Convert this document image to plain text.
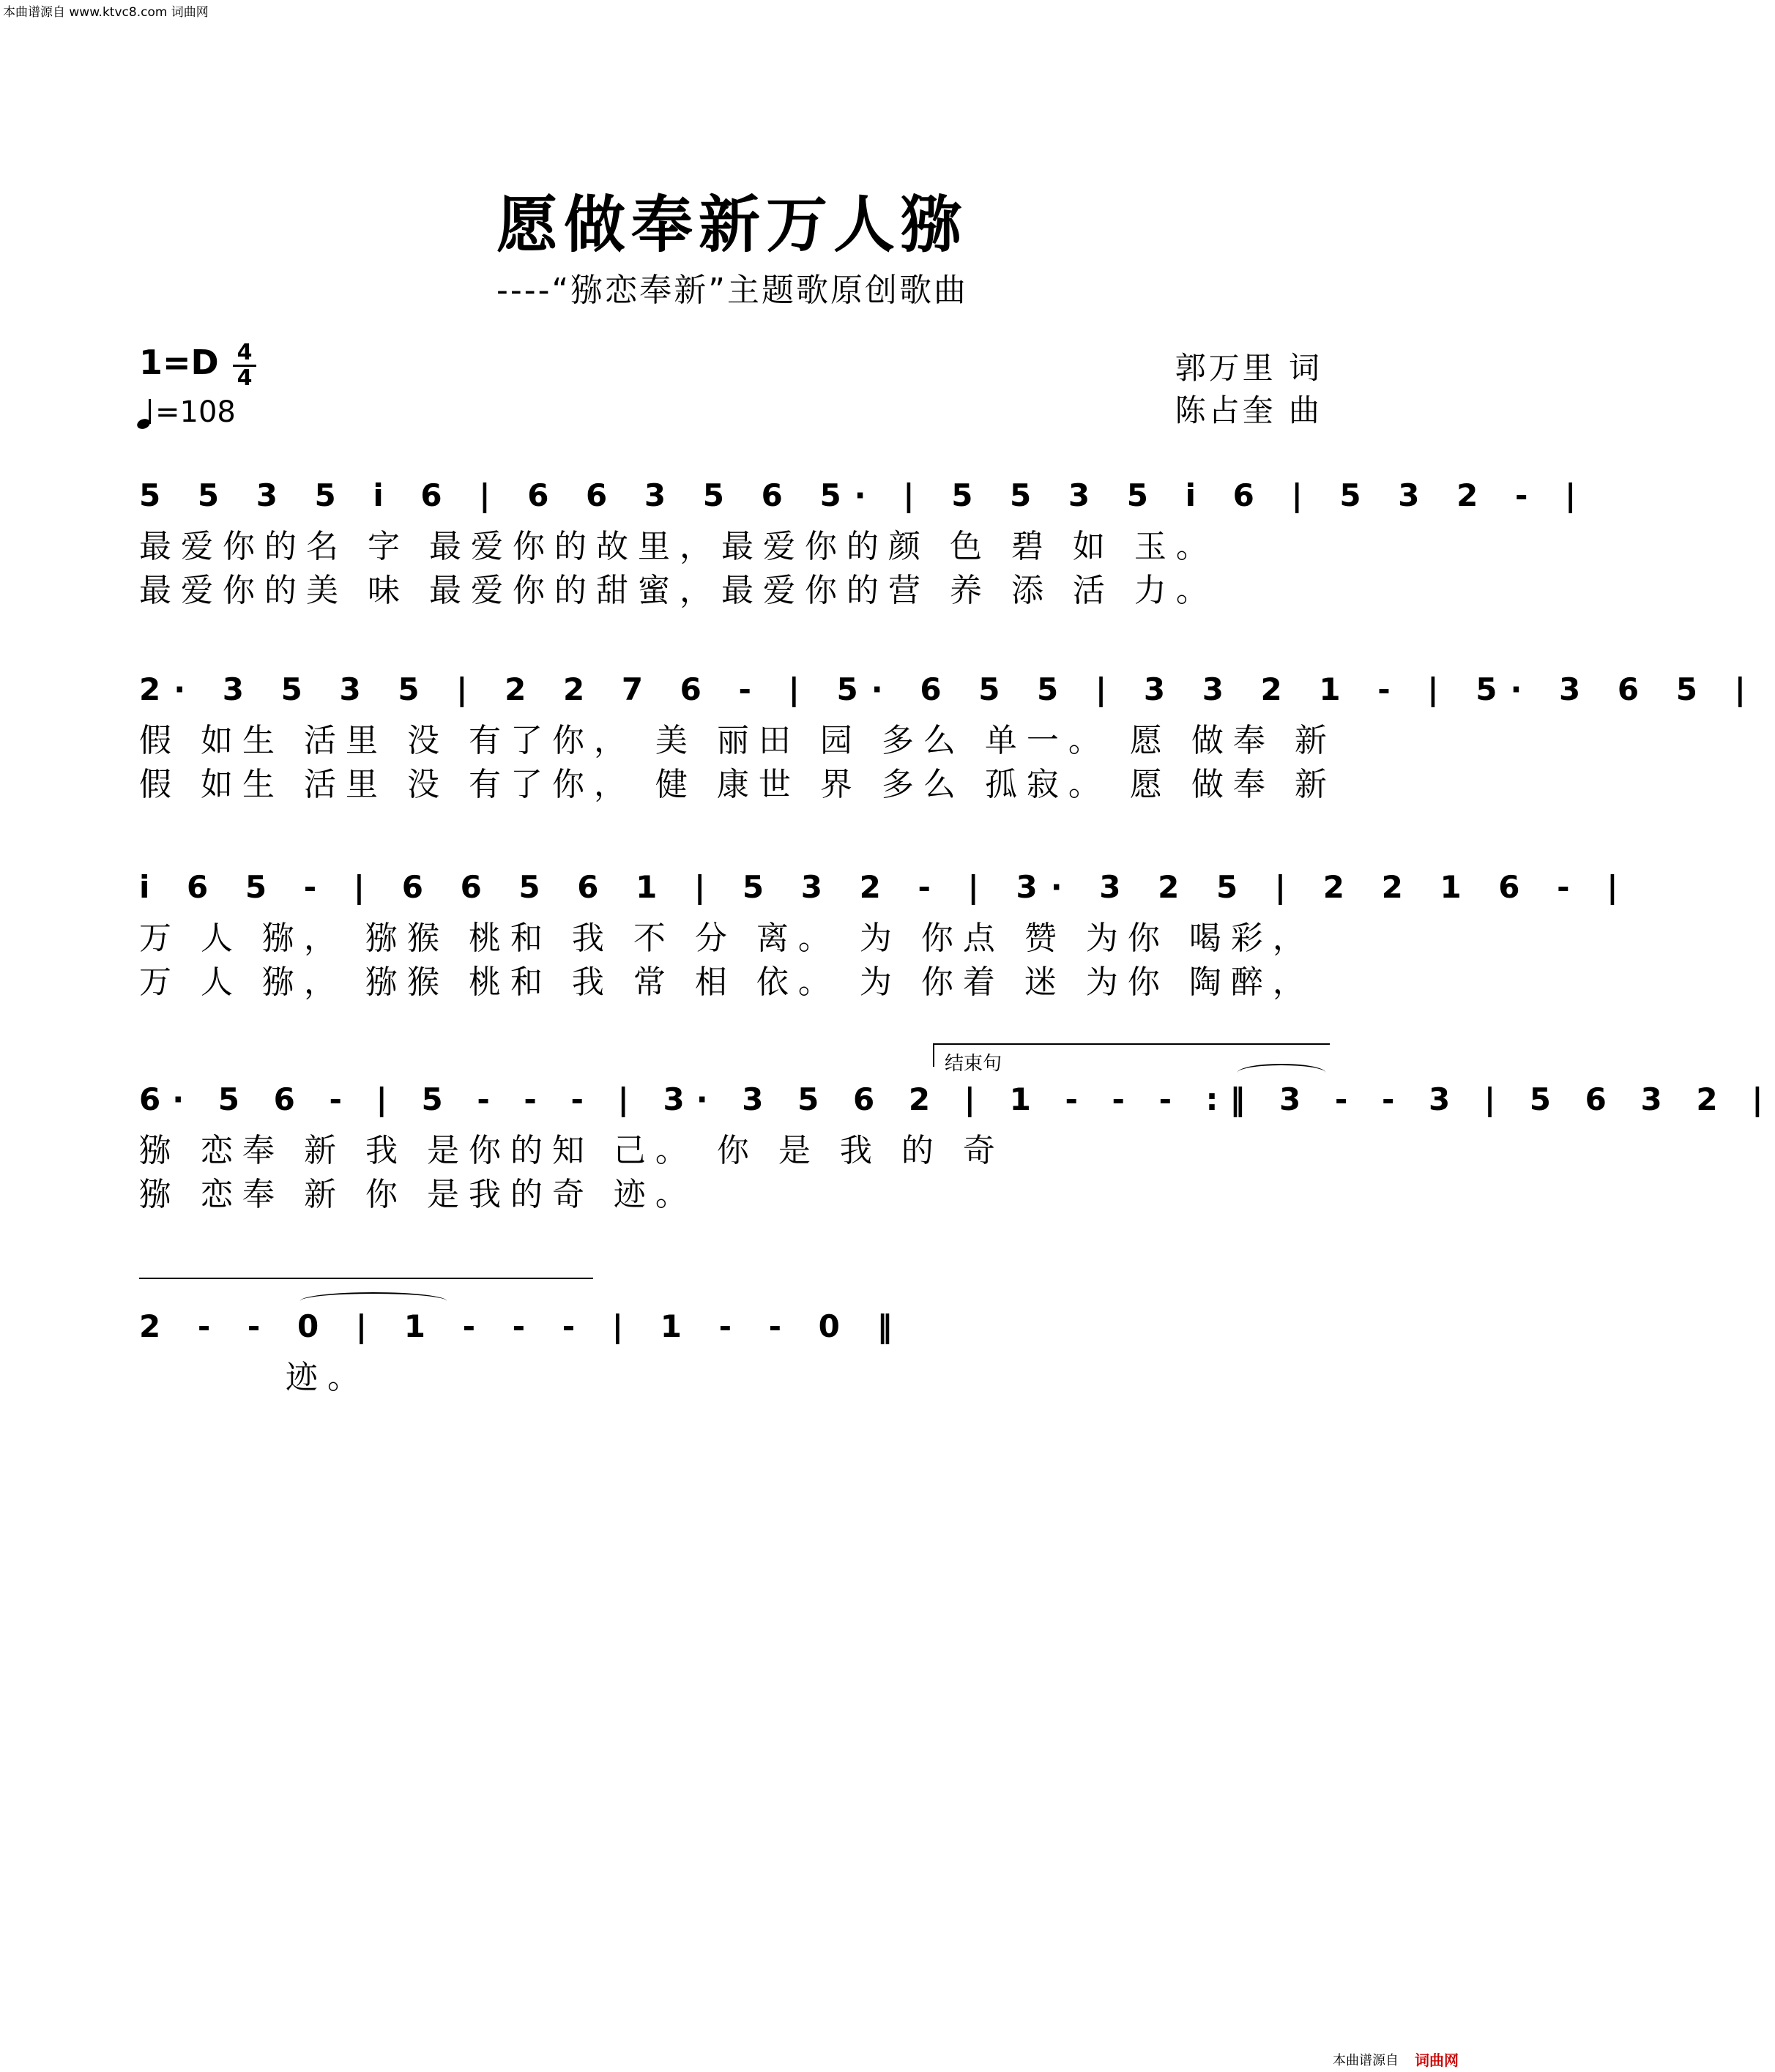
本曲谱源自 www.ktvc8.com 词曲网
愿做奉新万人猕
----“猕恋奉新”主题歌原创歌曲
1=D 4
4
=108
郭万里 词
陈占奎 曲
5 5 3 5 i 6 | 6 6 3 5 6 5· | 5 5 3 5 i 6 | 5 3 2 - |
最爱你的名 字 最爱你的故里，最爱你的颜 色 碧 如 玉。
最爱你的美 味 最爱你的甜蜜，最爱你的营 养 添 活 力。
2· 3 5 3 5 | 2 2 7 6 - | 5· 6 5 5 | 3 3 2 1 - | 5· 3 6 5 |
假 如生 活里 没 有了你， 美 丽田 园 多么 单一。 愿 做奉 新
假 如生 活里 没 有了你， 健 康世 界 多么 孤寂。 愿 做奉 新
i 6 5 - | 6 6 5 6 1 | 5 3 2 - | 3· 3 2 5 | 2 2 1 6 - |
万 人 猕， 猕猴 桃和 我 不 分 离。 为 你点 赞 为你 喝彩，
万 人 猕， 猕猴 桃和 我 常 相 依。 为 你着 迷 为你 陶醉，
结束句
6· 5 6 - | 5 - - - | 3· 3 5 6 2 | 1 - - - :‖ 3 - - 3 | 5 6 3 2 |
猕 恋奉 新 我 是你的知 己。 你 是 我 的 奇
猕 恋奉 新 你 是我的奇 迹。
2 - - 0 | 1 - - - | 1 - - 0 ‖
迹。
本曲谱源自 词曲网
